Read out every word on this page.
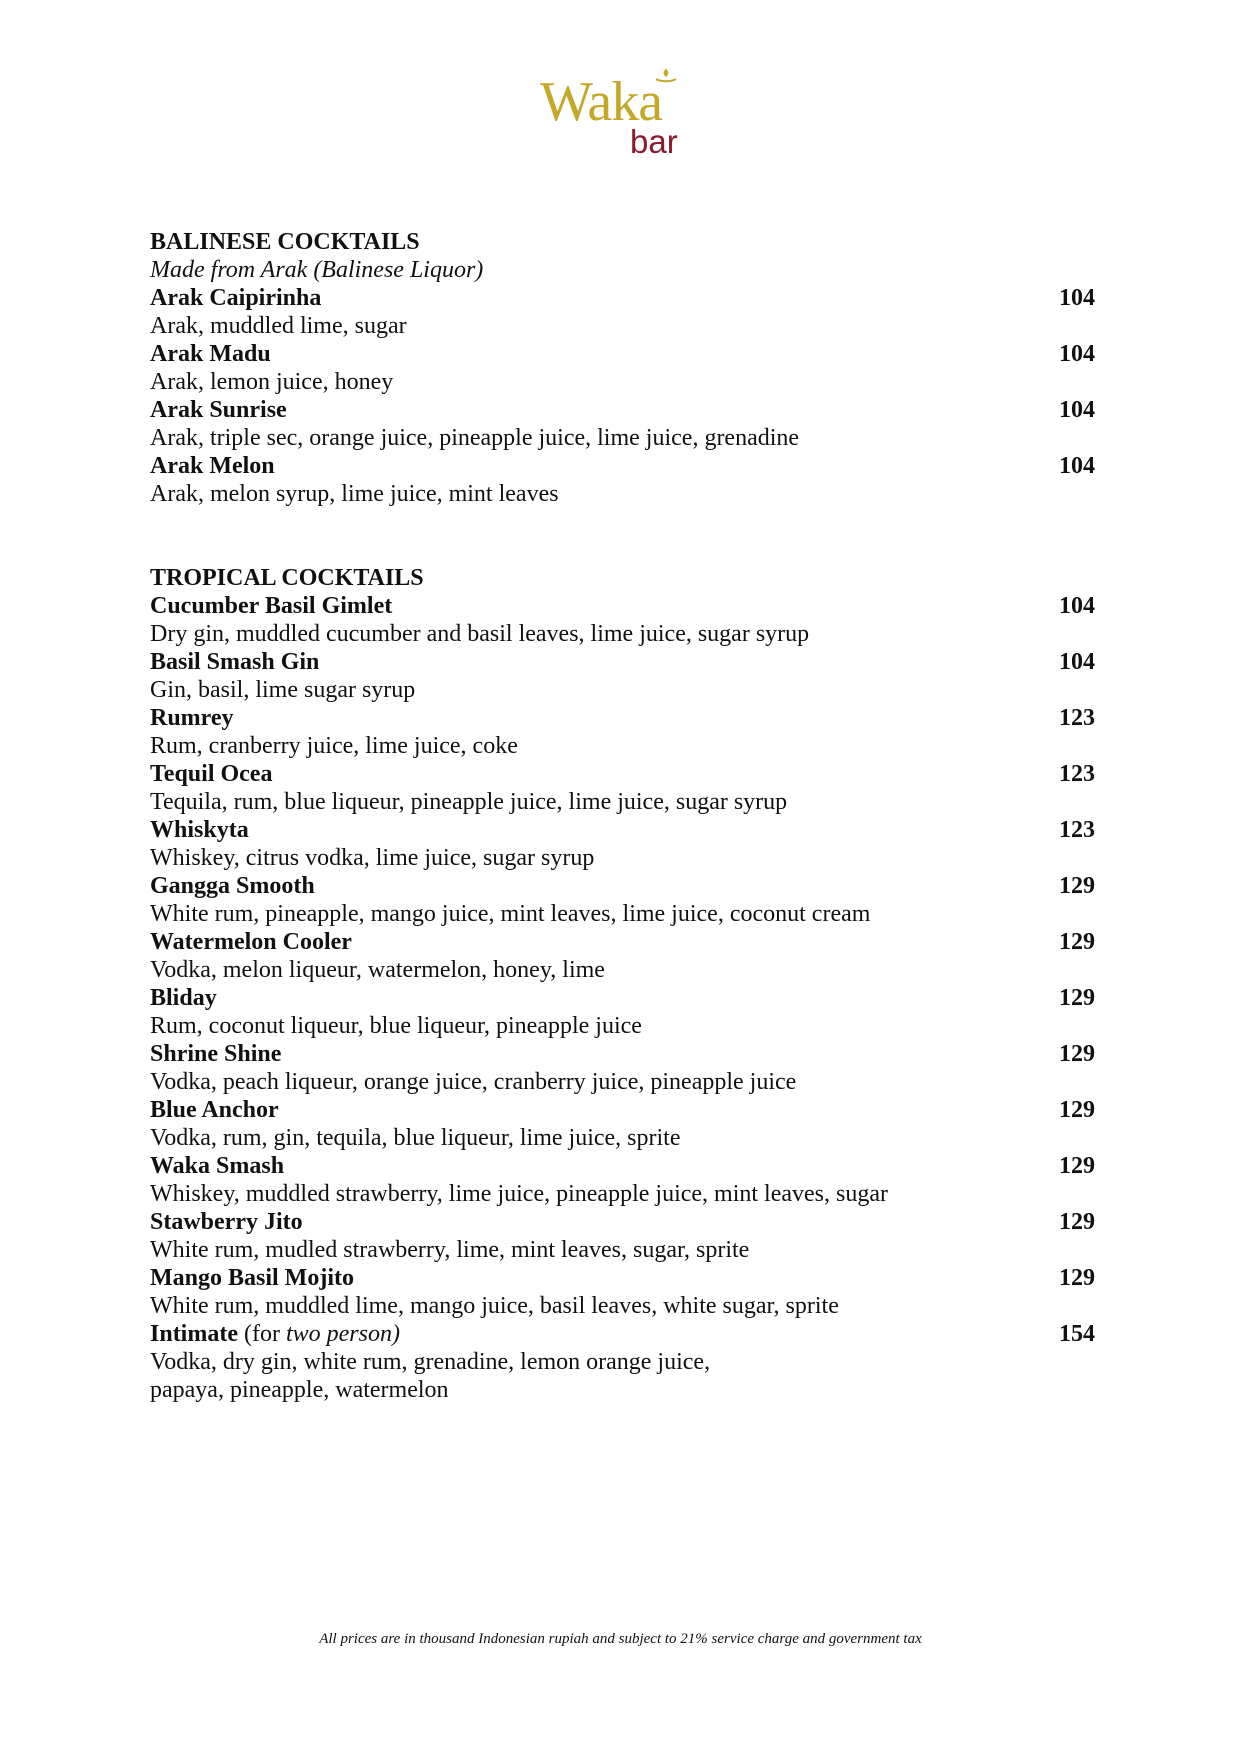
Waka
bar
BALINESE COCKTAILS
Made from Arak (Balinese Liquor)
Arak Caipirinha	104
Arak, muddled lime, sugar
Arak Madu	104
Arak, lemon juice, honey
Arak Sunrise	104
Arak, triple sec, orange juice, pineapple juice, lime juice, grenadine
Arak Melon	104
Arak, melon syrup, lime juice, mint leaves
TROPICAL COCKTAILS
Cucumber Basil Gimlet	104
Dry gin, muddled cucumber and basil leaves, lime juice, sugar syrup
Basil Smash Gin	104
Gin, basil, lime sugar syrup
Rumrey	123
Rum, cranberry juice, lime juice, coke
Tequil Ocea	123
Tequila, rum, blue liqueur, pineapple juice, lime juice, sugar syrup
Whiskyta	123
Whiskey, citrus vodka, lime juice, sugar syrup
Gangga Smooth	129
White rum, pineapple, mango juice, mint leaves, lime juice, coconut cream
Watermelon Cooler	129
Vodka, melon liqueur, watermelon, honey, lime
Bliday	129
Rum, coconut liqueur, blue liqueur, pineapple juice
Shrine Shine	129
Vodka, peach liqueur, orange juice, cranberry juice, pineapple juice
Blue Anchor	129
Vodka, rum, gin, tequila, blue liqueur, lime juice, sprite
Waka Smash	129
Whiskey, muddled strawberry, lime juice, pineapple juice, mint leaves, sugar
Stawberry Jito	129
White rum, mudled strawberry, lime, mint leaves, sugar, sprite
Mango Basil Mojito	129
White rum, muddled lime, mango juice, basil leaves, white sugar, sprite
Intimate (for two person)	154
Vodka, dry gin, white rum, grenadine, lemon orange juice, papaya, pineapple, watermelon
All prices are in thousand Indonesian rupiah and subject to 21% service charge and government tax
